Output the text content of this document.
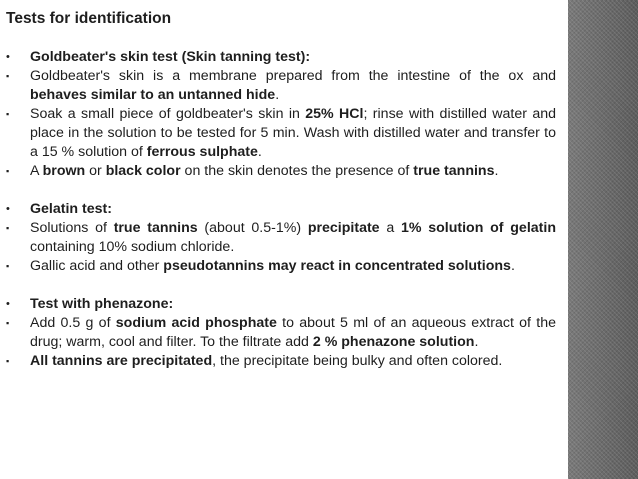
Tests for identification
•	Goldbeater's skin test (Skin tanning test):
▪	Goldbeater's skin is a membrane prepared from the intestine of the ox and behaves similar to an untanned hide.
▪	Soak a small piece of goldbeater's skin in 25% HCl; rinse with distilled water and place in the solution to be tested for 5 min. Wash with distilled water and transfer to a 15 % solution of ferrous sulphate.
▪	A brown or black color on the skin denotes the presence of true tannins.
•	Gelatin test:
▪	Solutions of true tannins (about 0.5-1%) precipitate a 1% solution of gelatin containing 10% sodium chloride.
▪	Gallic acid and other pseudotannins may react in concentrated solutions.
•	Test with phenazone:
▪	Add 0.5 g of sodium acid phosphate to about 5 ml of an aqueous extract of the drug; warm, cool and filter. To the filtrate add 2 % phenazone solution.
▪	All tannins are precipitated, the precipitate being bulky and often colored.
